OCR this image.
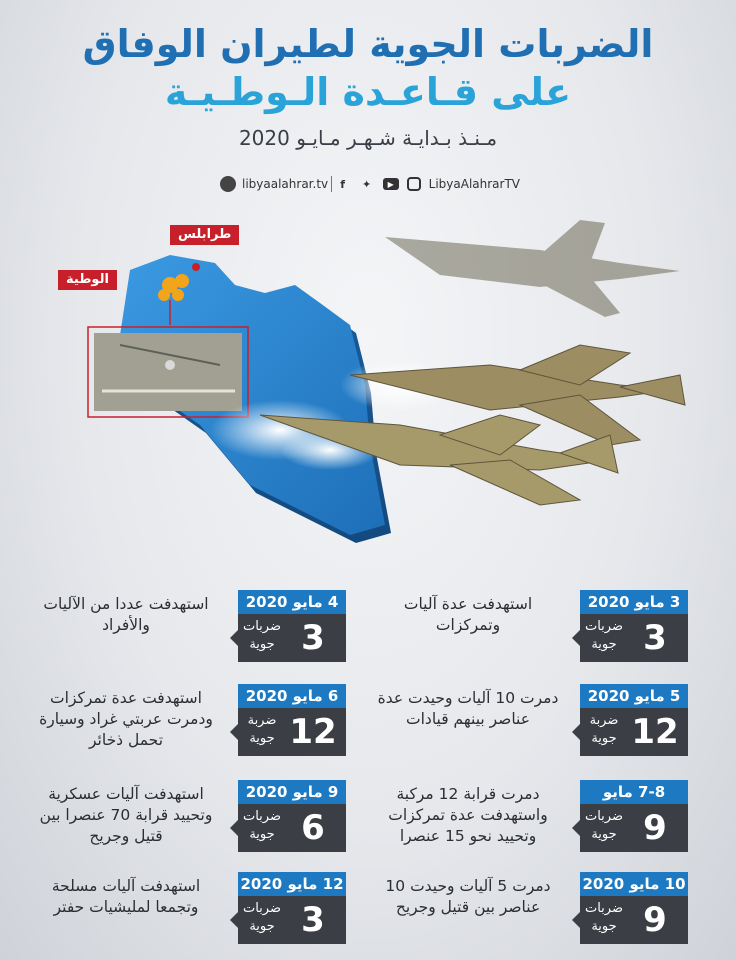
الضربات الجوية لطيران الوفاق
على قـاعـدة الـوطـيـة
مـنـذ بـدايـة شـهـر مـايـو 2020
libyaalahrar.tv	f	✦	▶	LibyaAlahrarTV
طرابلس
الوطية
3 مايو 2020
3
ضربات جوية
استهدفت عدة آليات وتمركزات
4 مايو 2020
3
ضربات جوية
استهدفت عددا من الآليات والأفراد
5 مايو 2020
12
ضربة جوية
دمرت 10 آليات وحيدت عدة عناصر بينهم قيادات
6 مايو 2020
12
ضربة جوية
استهدفت عدة تمركزات ودمرت عربتي غراد وسيارة تحمل ذخائر
7-8 مايو
9
ضربات جوية
دمرت قرابة 12 مركبة واستهدفت عدة تمركزات وتحييد نحو 15 عنصرا
9 مايو 2020
6
ضربات جوية
استهدفت آليات عسكرية وتحييد قرابة 70 عنصرا بين قتيل وجريح
10 مايو 2020
9
ضربات جوية
دمرت 5 آليات وحيدت 10 عناصر بين قتيل وجريح
12 مايو 2020
3
ضربات جوية
استهدفت آليات مسلحة وتجمعا لمليشيات حفتر
